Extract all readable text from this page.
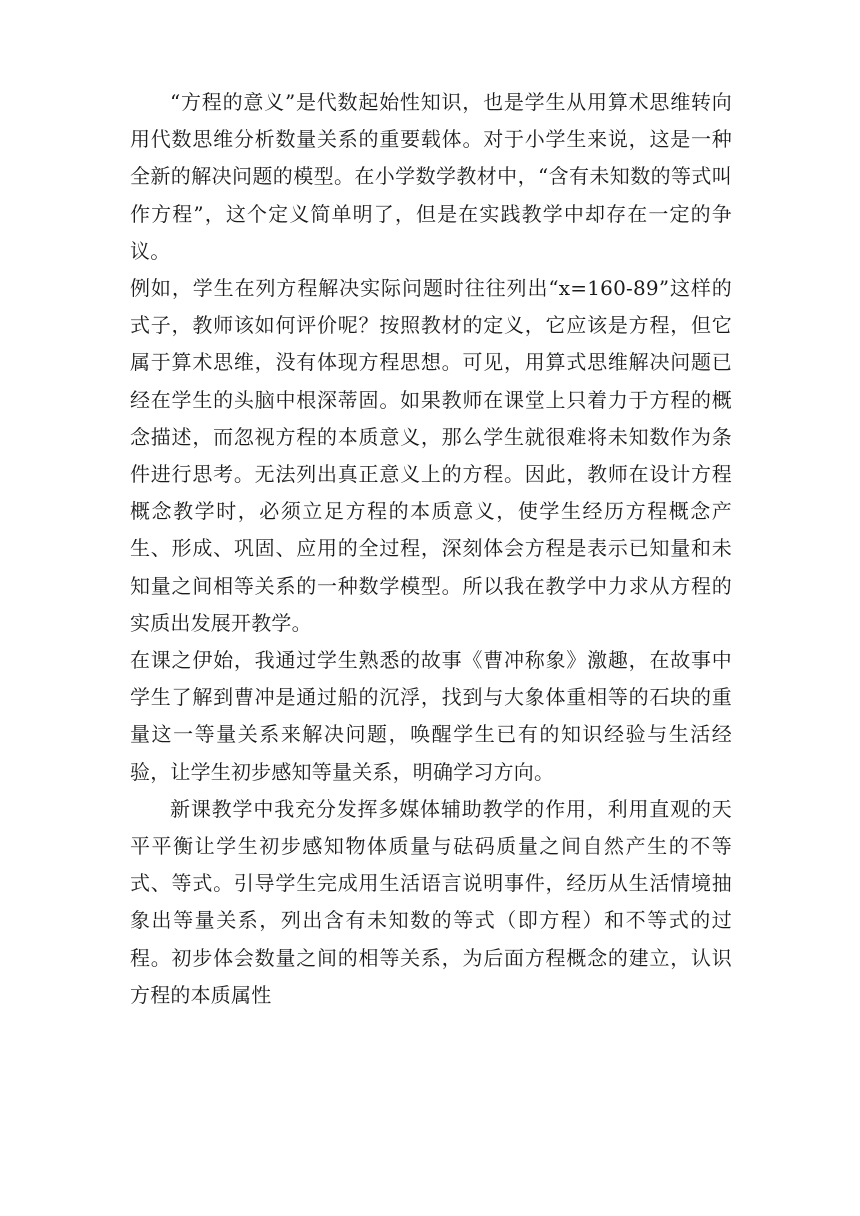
“方程的意义”是代数起始性知识，也是学生从用算术思维转向用代数思维分析数量关系的重要载体。对于小学生来说，这是一种全新的解决问题的模型。在小学数学教材中，“含有未知数的等式叫作方程”，这个定义简单明了，但是在实践教学中却存在一定的争议。

例如，学生在列方程解决实际问题时往往列出“x=160-89”这样的式子，教师该如何评价呢？按照教材的定义，它应该是方程，但它属于算术思维，没有体现方程思想。可见，用算式思维解决问题已经在学生的头脑中根深蒂固。如果教师在课堂上只着力于方程的概念描述，而忽视方程的本质意义，那么学生就很难将未知数作为条件进行思考。无法列出真正意义上的方程。因此，教师在设计方程概念教学时，必须立足方程的本质意义，使学生经历方程概念产生、形成、巩固、应用的全过程，深刻体会方程是表示已知量和未知量之间相等关系的一种数学模型。所以我在教学中力求从方程的实质出发展开教学。

在课之伊始，我通过学生熟悉的故事《曹冲称象》激趣，在故事中学生了解到曹冲是通过船的沉浮，找到与大象体重相等的石块的重量这一等量关系来解决问题，唤醒学生已有的知识经验与生活经验，让学生初步感知等量关系，明确学习方向。

新课教学中我充分发挥多媒体辅助教学的作用，利用直观的天平平衡让学生初步感知物体质量与砝码质量之间自然产生的不等式、等式。引导学生完成用生活语言说明事件，经历从生活情境抽象出等量关系，列出含有未知数的等式（即方程）和不等式的过程。初步体会数量之间的相等关系，为后面方程概念的建立，认识方程的本质属性
